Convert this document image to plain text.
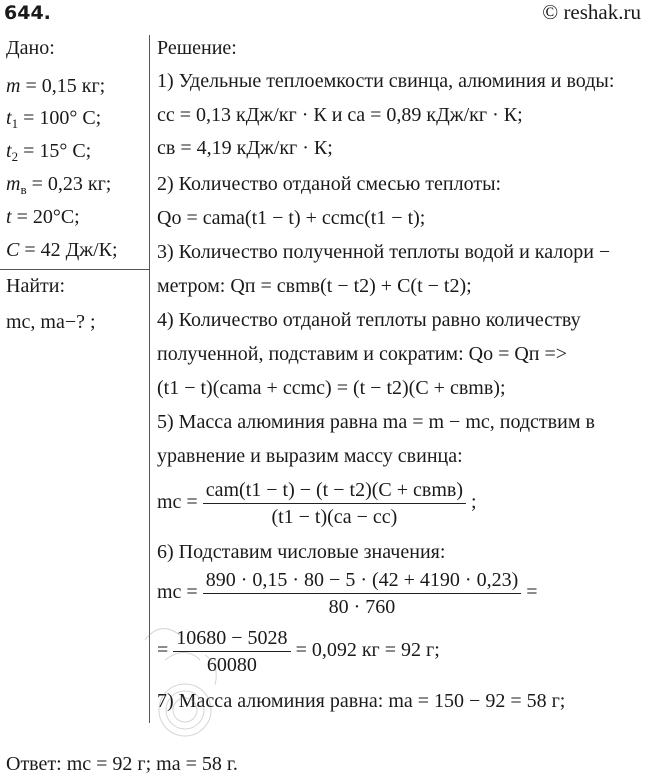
644.	© reshak.ru
Дано:
m = 0,15 кг;
$t_1 = 100^\circ$ C;
$t_2 = 15^\circ$ C;
$m_в = 0,23$ кг;
t = 20°C;
C = 42 Дж/К;
Найти:
mс, mа−? ;
Решение:
1) Удельные теплоемкости свинца, алюминия и воды:
cс = 0,13 кДж/кг · К и cа = 0,89 кДж/кг · К;
cв = 4,19 кДж/кг · К;
2) Количество отданой смесью теплоты:
Qо = cаmа(t1 − t) + cсmс(t1 − t);
3) Количество полученной теплоты водой и калори −
метром: Qп = cвmв(t − t2) + C(t − t2);
4) Количество отданой теплоты равно количеству
полученной, подставим и сократим: Qо = Qп =>
(t1 − t)(cаmа + cсmс) = (t − t2)(C + cвmв);
5) Масса алюминия равна mа = m − mс, подствим в
уравнение и выразим массу свинца:
mс = $\frac{\text{cаm(t1 − t) − (t − t2)(C + cвmв)}}{(t1 - t)(cа - cс)}$ ;
6) Подставим числовые значения:
mс = $\frac{890 \cdot 0,15 \cdot 80 - 5 \cdot (42 + 4190 \cdot 0,23)}{80 \cdot 760}$ =
= $\frac{10680 - 5028}{60080} = 0,092$ кг = 92 г;
7) Масса алюминия равна: mа = 150 − 92 = 58 г;
Ответ: mс = 92 г; mа = 58 г.
